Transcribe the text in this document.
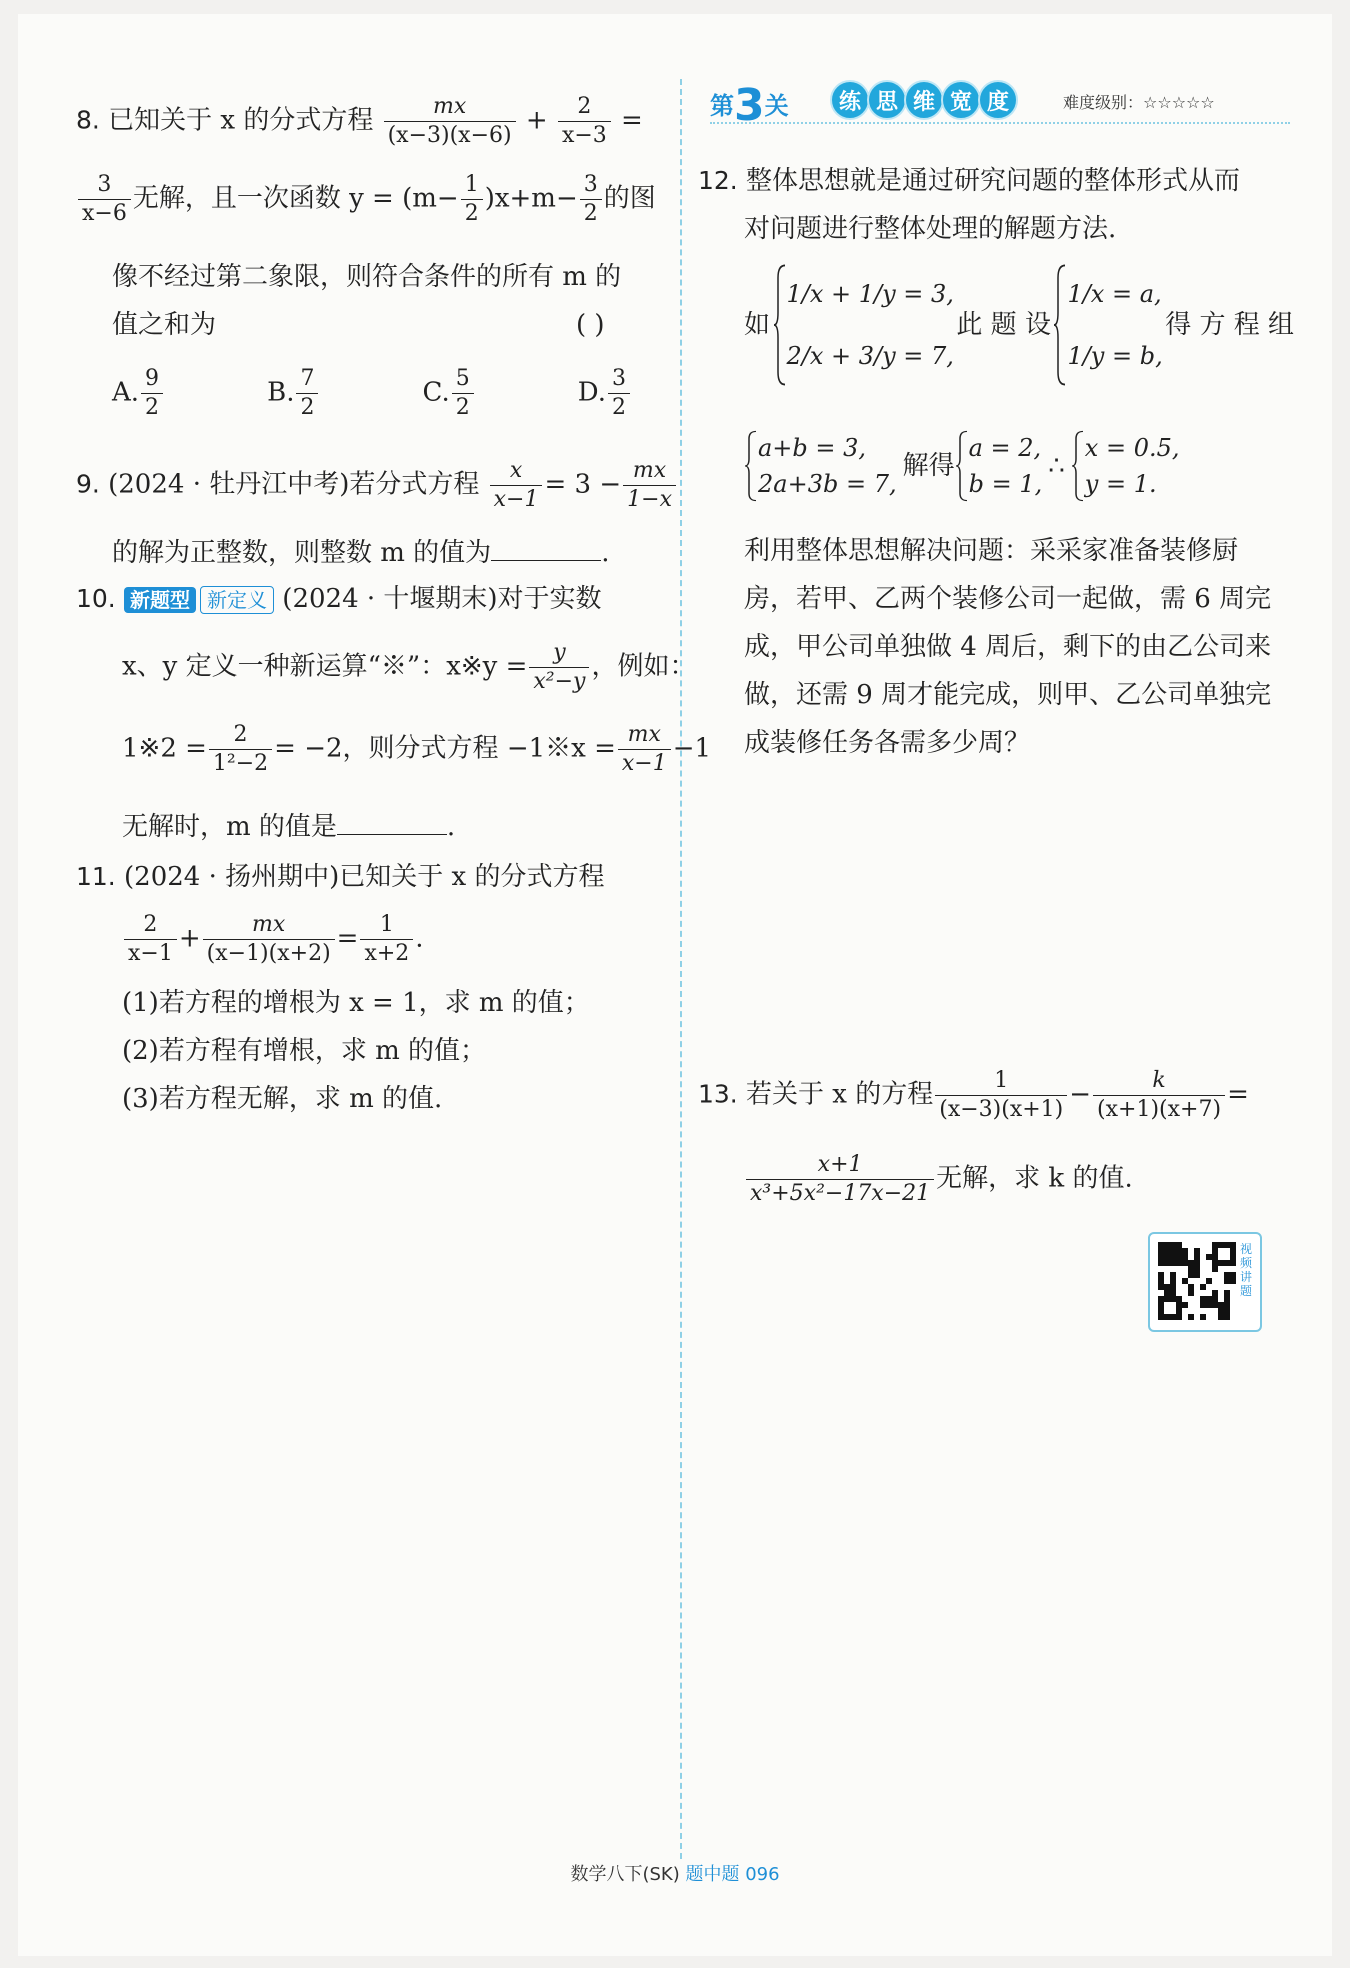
8. 已知关于 x 的分式方程 $\frac{mx}{(x-3)(x-6)} + \frac{2}{x-3}$ =
$\frac{3}{x-6}$ 无解，且一次函数 $y = (m- \frac{1}{2} )x+m- \frac{3}{2}$ 的图
像不经过第二象限，则符合条件的所有 m 的
值之和为	( )
A. $\frac{9}{2}$	B. $\frac{7}{2}$	C. $\frac{5}{2}$	D. $\frac{3}{2}$
9. (2024 · 牡丹江中考)若分式方程 $\frac{x}{x-1} = 3 - \frac{mx}{1-x}$
的解为正整数，则整数 m 的值为	.
10. 新题型 新定义 (2024 · 十堰期末)对于实数
x、y 定义一种新运算“※”：x※y = $\frac{y}{\text{x²−y}}$ ，例如：
1※2 = $\frac{2}{\text{1²−2}} = -2$，则分式方程 −1※x = $\frac{mx}{x-1} -1$
无解时，m 的值是	.
11. (2024 · 扬州期中)已知关于 x 的分式方程
$\frac{2}{x-1} + \frac{mx}{(x-1)(x+2)} = \frac{1}{x+2}$ .
(1)若方程的增根为 x = 1，求 m 的值；
(2)若方程有增根，求 m 的值；
(3)若方程无解，求 m 的值.
第3关	练 思 维 宽 度	难度级别：☆☆☆☆☆
12. 整体思想就是通过研究问题的整体形式从而
对问题进行整体处理的解题方法.
如
1/x + 1/y = 3,
2/x + 3/y = 7,
此 题 设
1/x = a,
1/y = b,
得 方 程 组
a+b = 3,
2a+3b = 7,
解得
a = 2,
b = 1,
∴
x = 0.5,
y = 1.
利用整体思想解决问题：采采家准备装修厨
房，若甲、乙两个装修公司一起做，需 6 周完
成，甲公司单独做 4 周后，剩下的由乙公司来
做，还需 9 周才能完成，则甲、乙公司单独完
成装修任务各需多少周？
13. 若关于 x 的方程 $\frac{1}{(x-3)(x+1)} - \frac{k}{(x+1)(x+7)}$ =
$\frac{x+1}{\text{x³+5x²−17x−21}}$ 无解，求 k 的值.
视频讲题
数学八下(SK) 题中题 096
